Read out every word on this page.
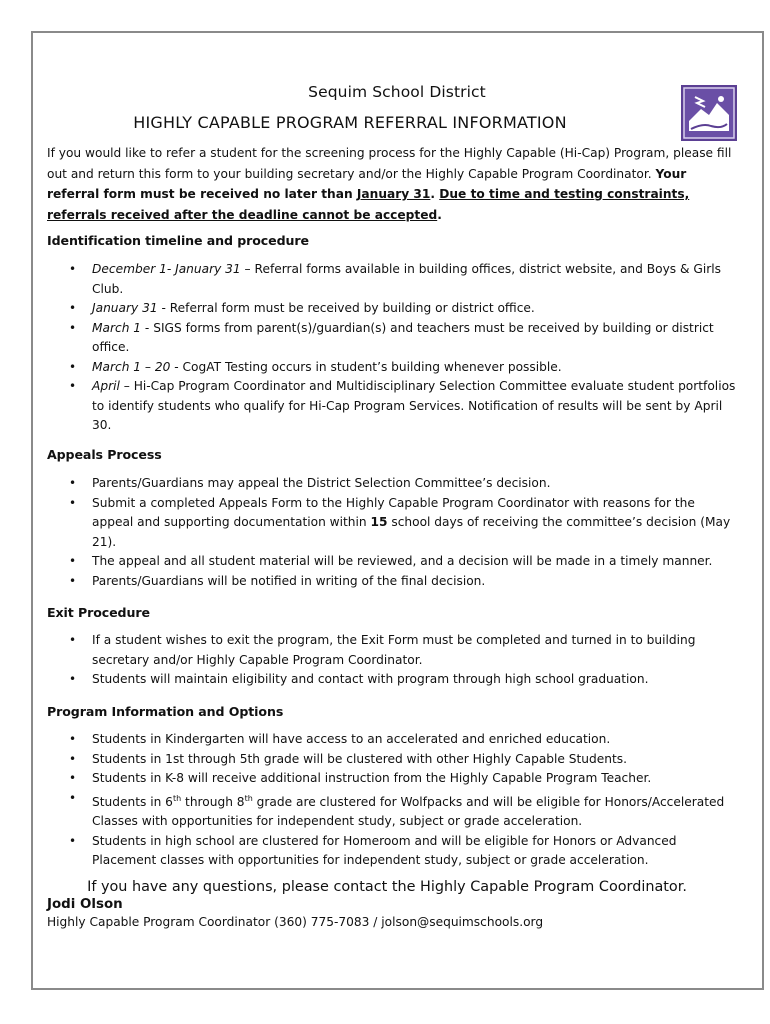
Sequim School District
HIGHLY CAPABLE PROGRAM REFERRAL INFORMATION
If you would like to refer a student for the screening process for the Highly Capable (Hi-Cap) Program, please fill out and return this form to your building secretary and/or the Highly Capable Program Coordinator. Your referral form must be received no later than January 31. Due to time and testing constraints, referrals received after the deadline cannot be accepted.
Identification timeline and procedure
• December 1- January 31 – Referral forms available in building offices, district website, and Boys & Girls Club.
• January 31 - Referral form must be received by building or district office.
• March 1 - SIGS forms from parent(s)/guardian(s) and teachers must be received by building or district office.
• March 1 – 20 - CogAT Testing occurs in student’s building whenever possible.
• April – Hi-Cap Program Coordinator and Multidisciplinary Selection Committee evaluate student portfolios to identify students who qualify for Hi-Cap Program Services. Notification of results will be sent by April 30.
Appeals Process
• Parents/Guardians may appeal the District Selection Committee’s decision.
• Submit a completed Appeals Form to the Highly Capable Program Coordinator with reasons for the appeal and supporting documentation within 15 school days of receiving the committee’s decision (May 21).
• The appeal and all student material will be reviewed, and a decision will be made in a timely manner.
• Parents/Guardians will be notified in writing of the final decision.
Exit Procedure
• If a student wishes to exit the program, the Exit Form must be completed and turned in to building secretary and/or Highly Capable Program Coordinator.
• Students will maintain eligibility and contact with program through high school graduation.
Program Information and Options
• Students in Kindergarten will have access to an accelerated and enriched education.
• Students in 1st through 5th grade will be clustered with other Highly Capable Students.
• Students in K-8 will receive additional instruction from the Highly Capable Program Teacher.
• Students in 6th through 8th grade are clustered for Wolfpacks and will be eligible for Honors/Accelerated Classes with opportunities for independent study, subject or grade acceleration.
• Students in high school are clustered for Homeroom and will be eligible for Honors or Advanced Placement classes with opportunities for independent study, subject or grade acceleration.
If you have any questions, please contact the Highly Capable Program Coordinator.
Jodi Olson
Highly Capable Program Coordinator (360) 775-7083 / jolson@sequimschools.org
